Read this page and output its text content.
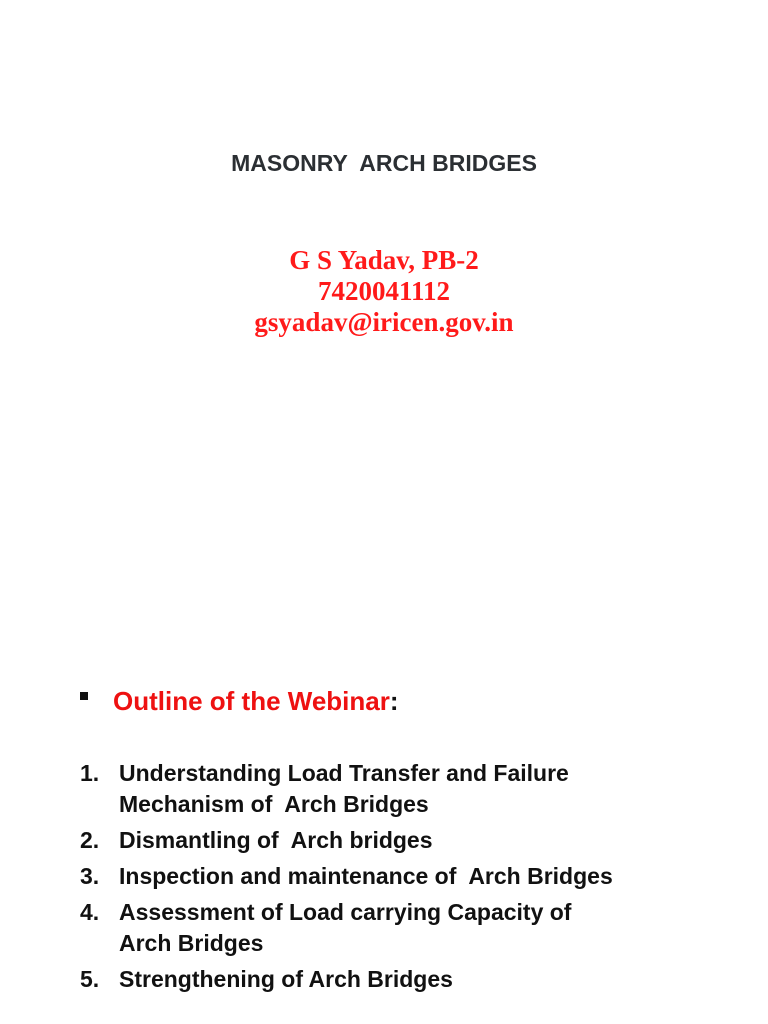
MASONRY  ARCH BRIDGES
G S Yadav, PB-2
7420041112
gsyadav@iricen.gov.in
Outline of the Webinar :
1. Understanding Load Transfer and Failure
Mechanism of  Arch Bridges
2. Dismantling of  Arch bridges
3. Inspection and maintenance of  Arch Bridges
4. Assessment of Load carrying Capacity of
Arch Bridges
5. Strengthening of Arch Bridges
